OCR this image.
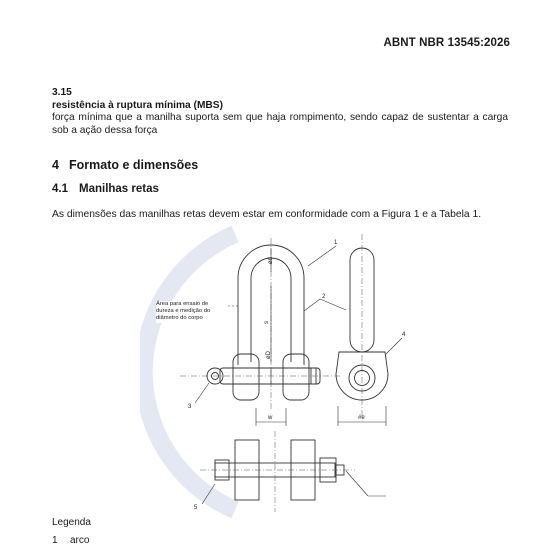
ABNT NBR 13545:2026
3.15
resistência à ruptura mínima (MBS)
força mínima que a manilha suporta sem que haja rompimento, sendo capaz de sustentar a carga sob a ação dessa força
4 Formato e dimensões
4.1 Manilhas retas
As dimensões das manilhas retas devem estar em conformidade com a Figura 1 e a Tabela 1.
ød
s
øD
w	#e
1
2
3
4
5
Área para ensaio de dureza e medição do diâmetro do corpo
Legenda
1 arco
